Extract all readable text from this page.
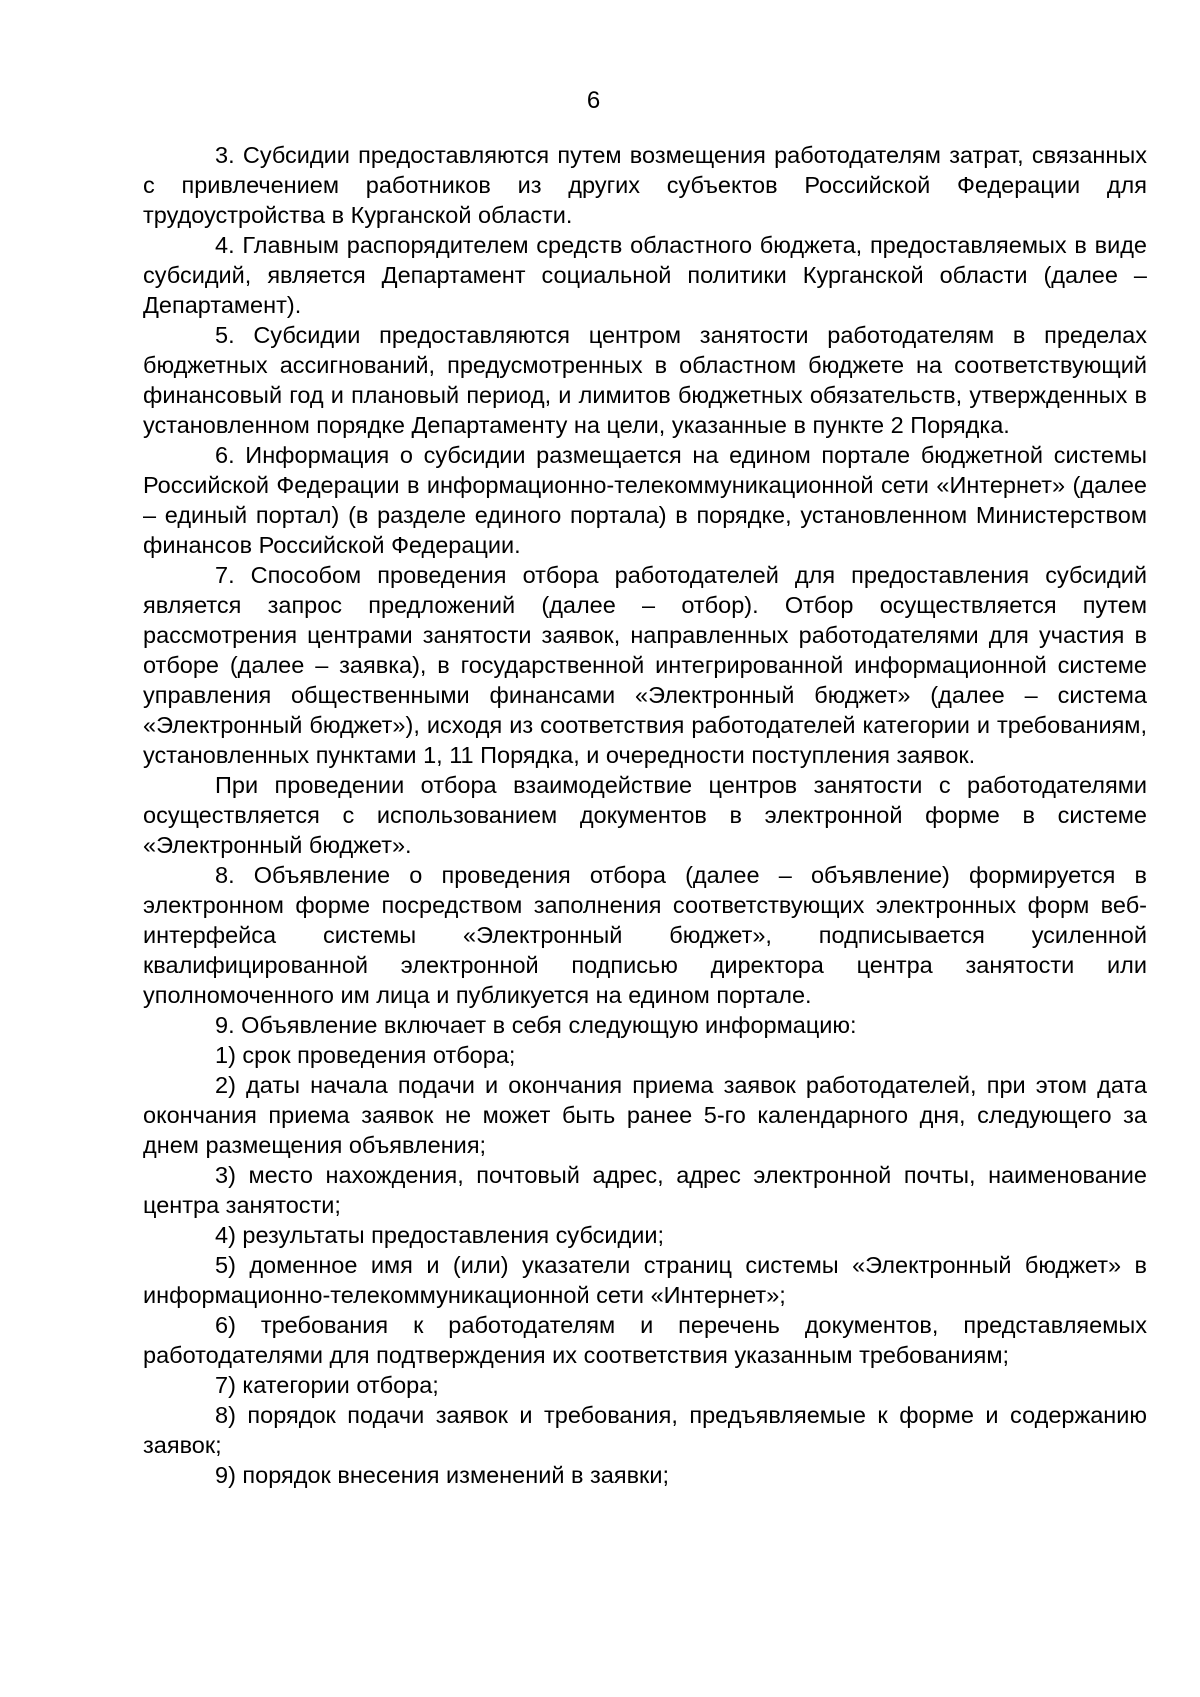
6

3. Субсидии предоставляются путем возмещения работодателям затрат, связанных с привлечением работников из других субъектов Российской Федерации для трудоустройства в Курганской области.

4. Главным распорядителем средств областного бюджета, предоставляемых в виде субсидий, является Департамент социальной политики Курганской области (далее – Департамент).

5. Субсидии предоставляются центром занятости работодателям в пределах бюджетных ассигнований, предусмотренных в областном бюджете на соответствующий финансовый год и плановый период, и лимитов бюджетных обязательств, утвержденных в установленном порядке Департаменту на цели, указанные в пункте 2 Порядка.

6. Информация о субсидии размещается на едином портале бюджетной системы Российской Федерации в информационно-телекоммуникационной сети «Интернет» (далее – единый портал) (в разделе единого портала) в порядке, установленном Министерством финансов Российской Федерации.

7. Способом проведения отбора работодателей для предоставления субсидий является запрос предложений (далее – отбор). Отбор осуществляется путем рассмотрения центрами занятости заявок, направленных работодателями для участия в отборе (далее – заявка), в государственной интегрированной информационной системе управления общественными финансами «Электронный бюджет» (далее – система «Электронный бюджет»), исходя из соответствия работодателей категории и требованиям, установленных пунктами 1, 11 Порядка, и очередности поступления заявок.

При проведении отбора взаимодействие центров занятости с работодателями осуществляется с использованием документов в электронной форме в системе «Электронный бюджет».

8. Объявление о проведения отбора (далее – объявление) формируется в электронном форме посредством заполнения соответствующих электронных форм веб-интерфейса системы «Электронный бюджет», подписывается усиленной квалифицированной электронной подписью директора центра занятости или уполномоченного им лица и публикуется на едином портале.

9. Объявление включает в себя следующую информацию:

1) срок проведения отбора;

2) даты начала подачи и окончания приема заявок работодателей, при этом дата окончания приема заявок не может быть ранее 5-го календарного дня, следующего за днем размещения объявления;

3) место нахождения, почтовый адрес, адрес электронной почты, наименование центра занятости;

4) результаты предоставления субсидии;

5) доменное имя и (или) указатели страниц системы «Электронный бюджет» в информационно-телекоммуникационной сети «Интернет»;

6) требования к работодателям и перечень документов, представляемых работодателями для подтверждения их соответствия указанным требованиям;

7) категории отбора;

8) порядок подачи заявок и требования, предъявляемые к форме и содержанию заявок;

9) порядок внесения изменений в заявки;
